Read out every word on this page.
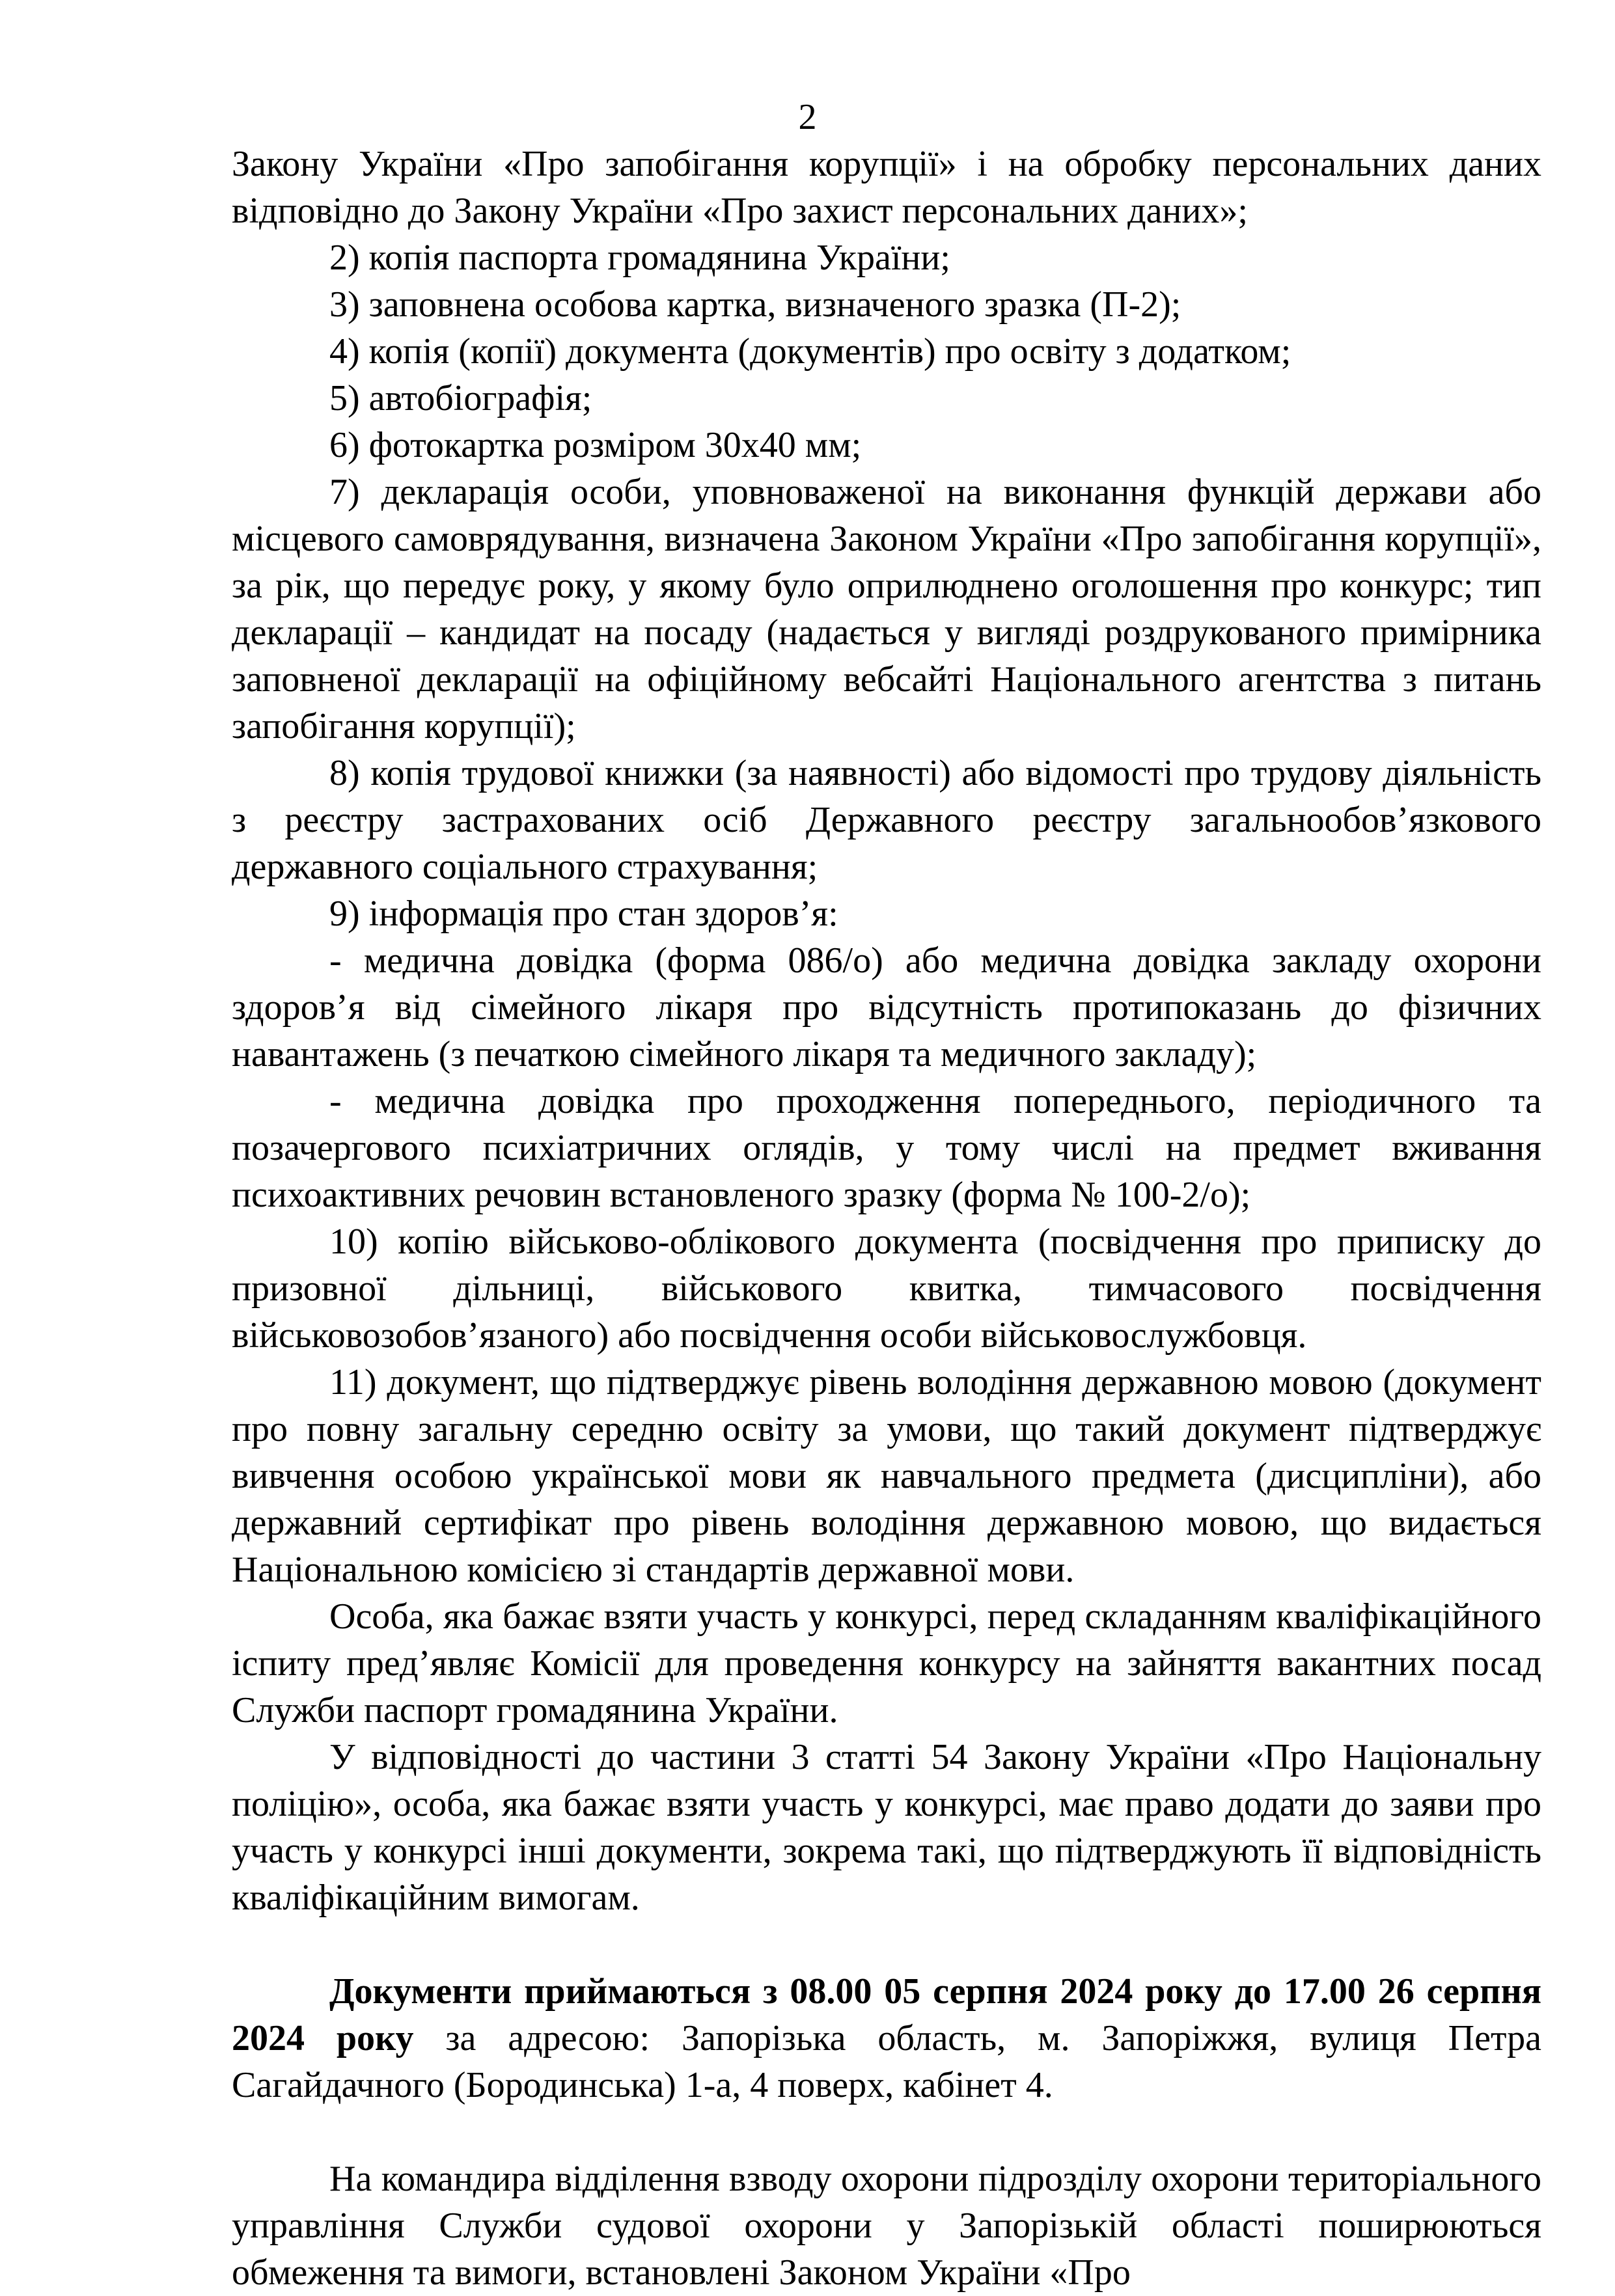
2

Закону України «Про запобігання корупції» і на обробку персональних даних відповідно до Закону України «Про захист персональних даних»;

2) копія паспорта громадянина України;

3) заповнена особова картка, визначеного зразка (П-2);

4) копія (копії) документа (документів) про освіту з додатком;

5) автобіографія;

6) фотокартка розміром 30х40 мм;

7) декларація особи, уповноваженої на виконання функцій держави або місцевого самоврядування, визначена Законом України «Про запобігання корупції», за рік, що передує року, у якому було оприлюднено оголошення про конкурс; тип декларації – кандидат на посаду (надається у вигляді роздрукованого примірника заповненої декларації на офіційному вебсайті Національного агентства з питань запобігання корупції);

8) копія трудової книжки (за наявності) або відомості про трудову діяльність з реєстру застрахованих осіб Державного реєстру загальнообов’язкового державного соціального страхування;

9) інформація про стан здоров’я:

- медична довідка (форма 086/о) або медична довідка закладу охорони здоров’я від сімейного лікаря про відсутність протипоказань до фізичних навантажень (з печаткою сімейного лікаря та медичного закладу);

- медична довідка про проходження попереднього, періодичного та позачергового психіатричних оглядів, у тому числі на предмет вживання психоактивних речовин встановленого зразку (форма № 100-2/о);

10) копію військово-облікового документа (посвідчення про приписку до призовної дільниці, військового квитка, тимчасового посвідчення військовозобов’язаного) або посвідчення особи військовослужбовця.

11) документ, що підтверджує рівень володіння державною мовою (документ про повну загальну середню освіту за умови, що такий документ підтверджує вивчення особою української мови як навчального предмета (дисципліни), або державний сертифікат про рівень володіння державною мовою, що видається Національною комісією зі стандартів державної мови.

Особа, яка бажає взяти участь у конкурсі, перед складанням кваліфікаційного іспиту пред’являє Комісії для проведення конкурсу на зайняття вакантних посад Служби паспорт громадянина України.

У відповідності до частини 3 статті 54 Закону України «Про Національну поліцію», особа, яка бажає взяти участь у конкурсі, має право додати до заяви про участь у конкурсі інші документи, зокрема такі, що підтверджують її відповідність кваліфікаційним вимогам.

Документи приймаються з 08.00 05 серпня 2024 року до 17.00 26 серпня 2024 року за адресою: Запорізька область, м. Запоріжжя, вулиця Петра Сагайдачного (Бородинська) 1-а, 4 поверх, кабінет 4.

На командира відділення взводу охорони підрозділу охорони територіального управління Служби судової охорони у Запорізькій області поширюються обмеження та вимоги, встановлені Законом України «Про
